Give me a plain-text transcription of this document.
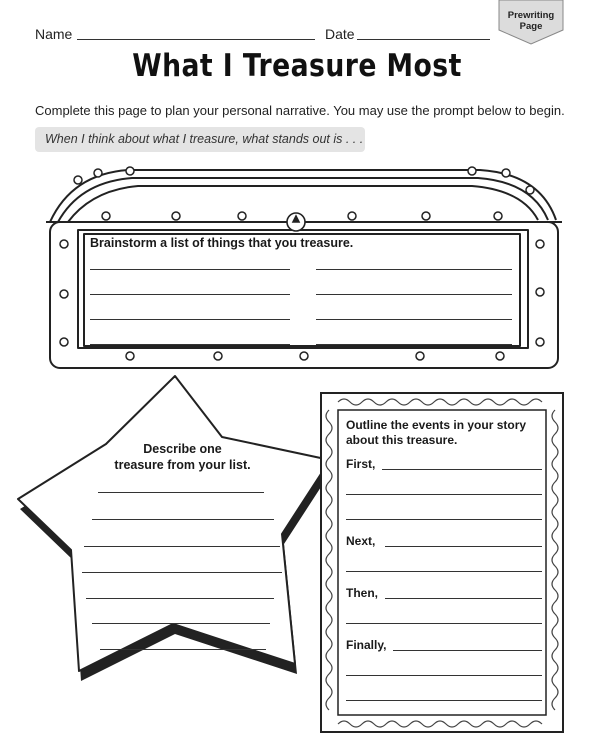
Name	Date
Prewriting
Page
What I Treasure Most
Complete this page to plan your personal narrative. You may use the prompt below to begin.
When I think about what I treasure, what stands out is . . .
Brainstorm a list of things that you treasure.
Describe one
treasure from your list.
Outline the events in your story
about this treasure.
First,
Next,
Then,
Finally,
